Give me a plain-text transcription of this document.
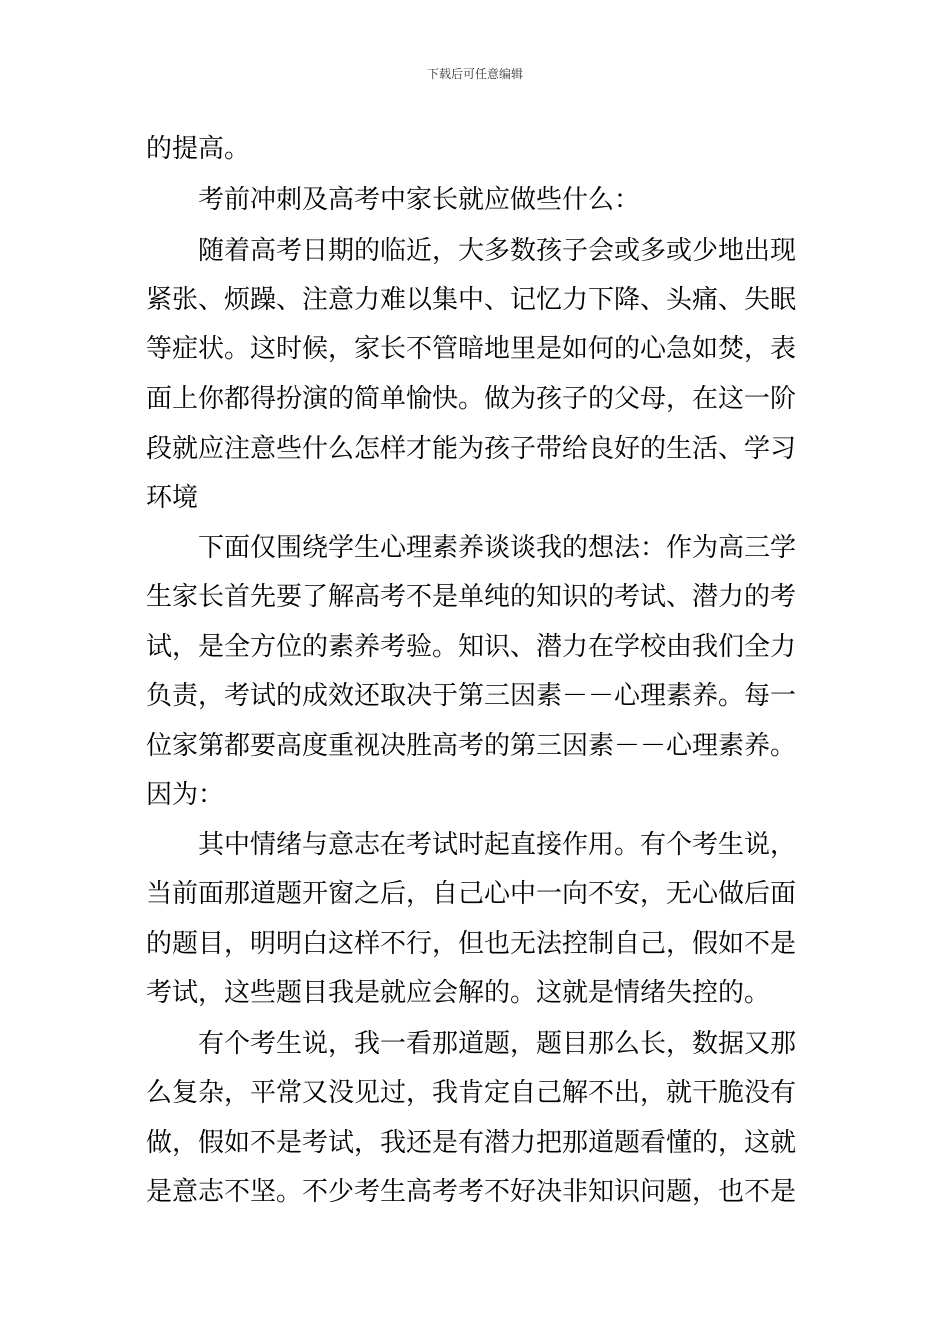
下载后可任意编辑
的提高。
　　考前冲刺及高考中家长就应做些什么：
　　随着高考日期的临近，大多数孩子会或多或少地出现
紧张、烦躁、注意力难以集中、记忆力下降、头痛、失眠
等症状。这时候，家长不管暗地里是如何的心急如焚，表
面上你都得扮演的简单愉快。做为孩子的父母，在这一阶
段就应注意些什么怎样才能为孩子带给良好的生活、学习
环境
　　下面仅围绕学生心理素养谈谈我的想法：作为高三学
生家长首先要了解高考不是单纯的知识的考试、潜力的考
试，是全方位的素养考验。知识、潜力在学校由我们全力
负责，考试的成效还取决于第三因素－－心理素养。每一
位家第都要高度重视决胜高考的第三因素－－心理素养。
因为：
　　其中情绪与意志在考试时起直接作用。有个考生说，
当前面那道题开窗之后，自己心中一向不安，无心做后面
的题目，明明白这样不行，但也无法控制自己，假如不是
考试，这些题目我是就应会解的。这就是情绪失控的。
　　有个考生说，我一看那道题，题目那么长，数据又那
么复杂，平常又没见过，我肯定自己解不出，就干脆没有
做，假如不是考试，我还是有潜力把那道题看懂的，这就
是意志不坚。不少考生高考考不好决非知识问题，也不是
